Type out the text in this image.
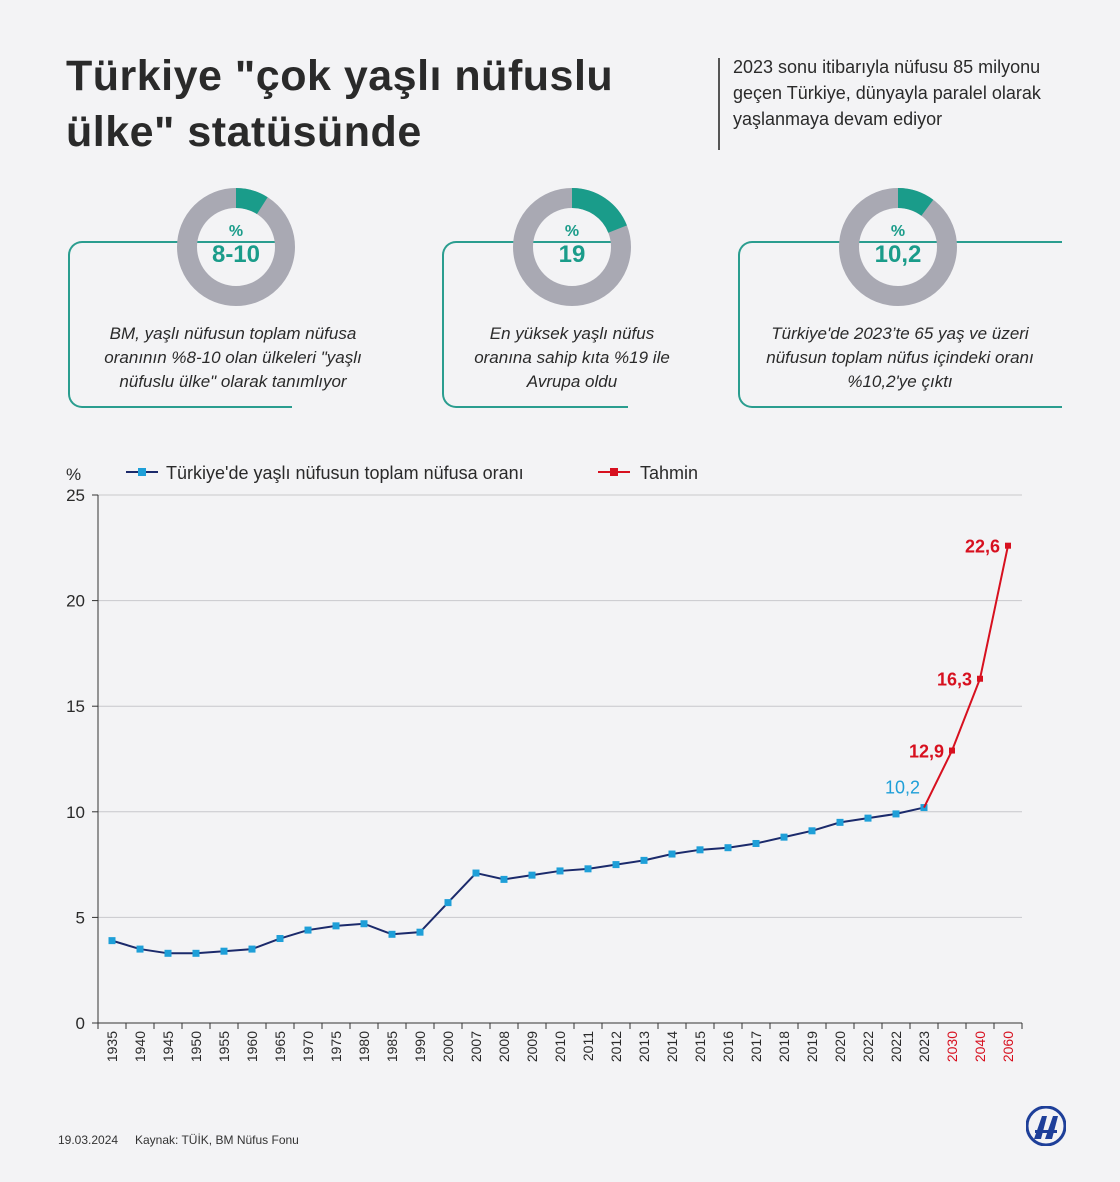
Türkiye "çok yaşlı nüfuslu ülke" statüsünde

2023 sonu itibarıyla nüfusu 85 milyonu geçen Türkiye, dünyayla paralel olarak yaşlanmaya devam ediyor

%
8-10
BM, yaşlı nüfusun toplam nüfusa oranının %8-10 olan ülkeleri "yaşlı nüfuslu ülke" olarak tanımlıyor
%
19
En yüksek yaşlı nüfus oranına sahip kıta %19 ile Avrupa oldu
%
10,2
Türkiye'de 2023’te 65 yaş ve üzeri nüfusun toplam nüfus içindeki oranı %10,2'ye çıktı
%	Türkiye'de yaşlı nüfusun toplam nüfusa oranı	Tahmin
0
5
10
15
20
25
1935 1940 1945 1950 1955 1960 1965 1970 1975 1980 1985 1990 2000 2007 2008 2009 2010 2011 2012 2013 2014 2015 2016 2017 2018 2019 2020 2022 2022 2023 2030 2040 2060
10,2
12,9
16,3
22,6
19.03.2024 Kaynak: TÜİK, BM Nüfus Fonu
